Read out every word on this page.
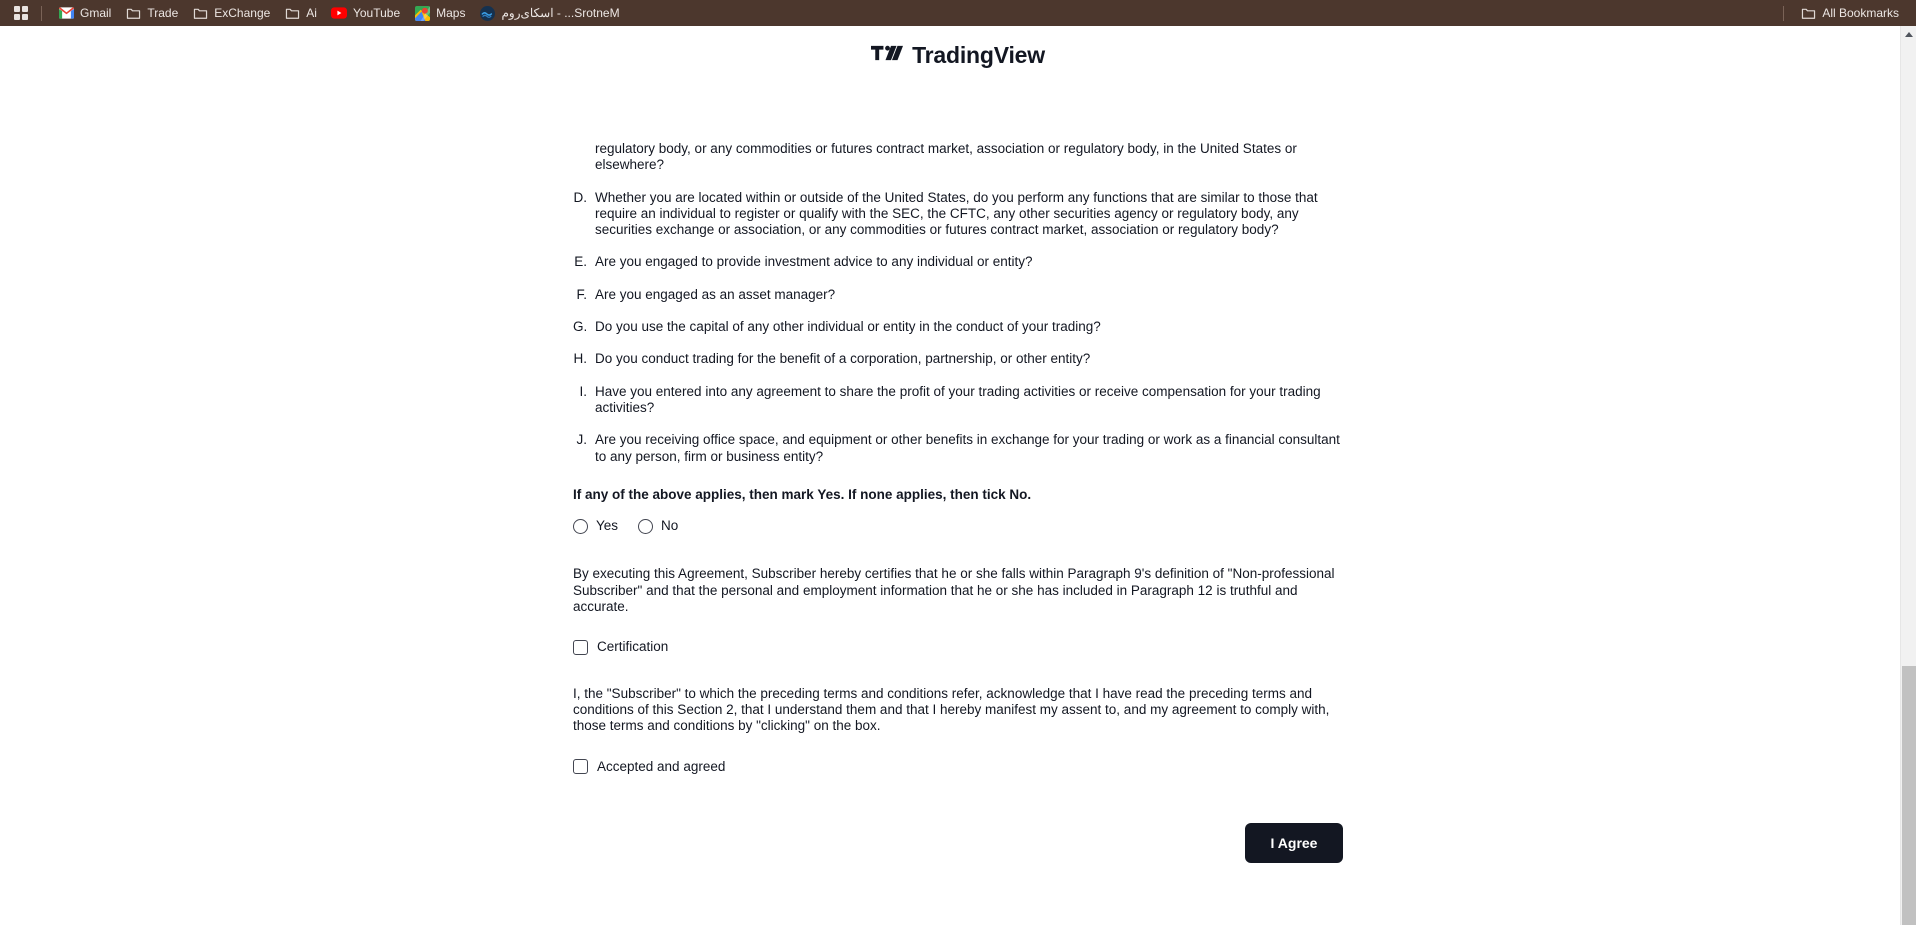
Gmail	Trade	ExChange	Ai	YouTube	Maps	MentorS... - اسکای‌روم	All Bookmarks
TradingView
regulatory body, or any commodities or futures contract market, association or regulatory body, in the United States or elsewhere?
D. Whether you are located within or outside of the United States, do you perform any functions that are similar to those that require an individual to register or qualify with the SEC, the CFTC, any other securities agency or regulatory body, any securities exchange or association, or any commodities or futures contract market, association or regulatory body?
E. Are you engaged to provide investment advice to any individual or entity?
F. Are you engaged as an asset manager?
G. Do you use the capital of any other individual or entity in the conduct of your trading?
H. Do you conduct trading for the benefit of a corporation, partnership, or other entity?
I. Have you entered into any agreement to share the profit of your trading activities or receive compensation for your trading activities?
J. Are you receiving office space, and equipment or other benefits in exchange for your trading or work as a financial consultant to any person, firm or business entity?
If any of the above applies, then mark Yes. If none applies, then tick No.
Yes	No
By executing this Agreement, Subscriber hereby certifies that he or she falls within Paragraph 9's definition of "Non-professional Subscriber" and that the personal and employment information that he or she has included in Paragraph 12 is truthful and accurate.
Certification
I, the "Subscriber" to which the preceding terms and conditions refer, acknowledge that I have read the preceding terms and conditions of this Section 2, that I understand them and that I hereby manifest my assent to, and my agreement to comply with, those terms and conditions by "clicking" on the box.
Accepted and agreed
I Agree
